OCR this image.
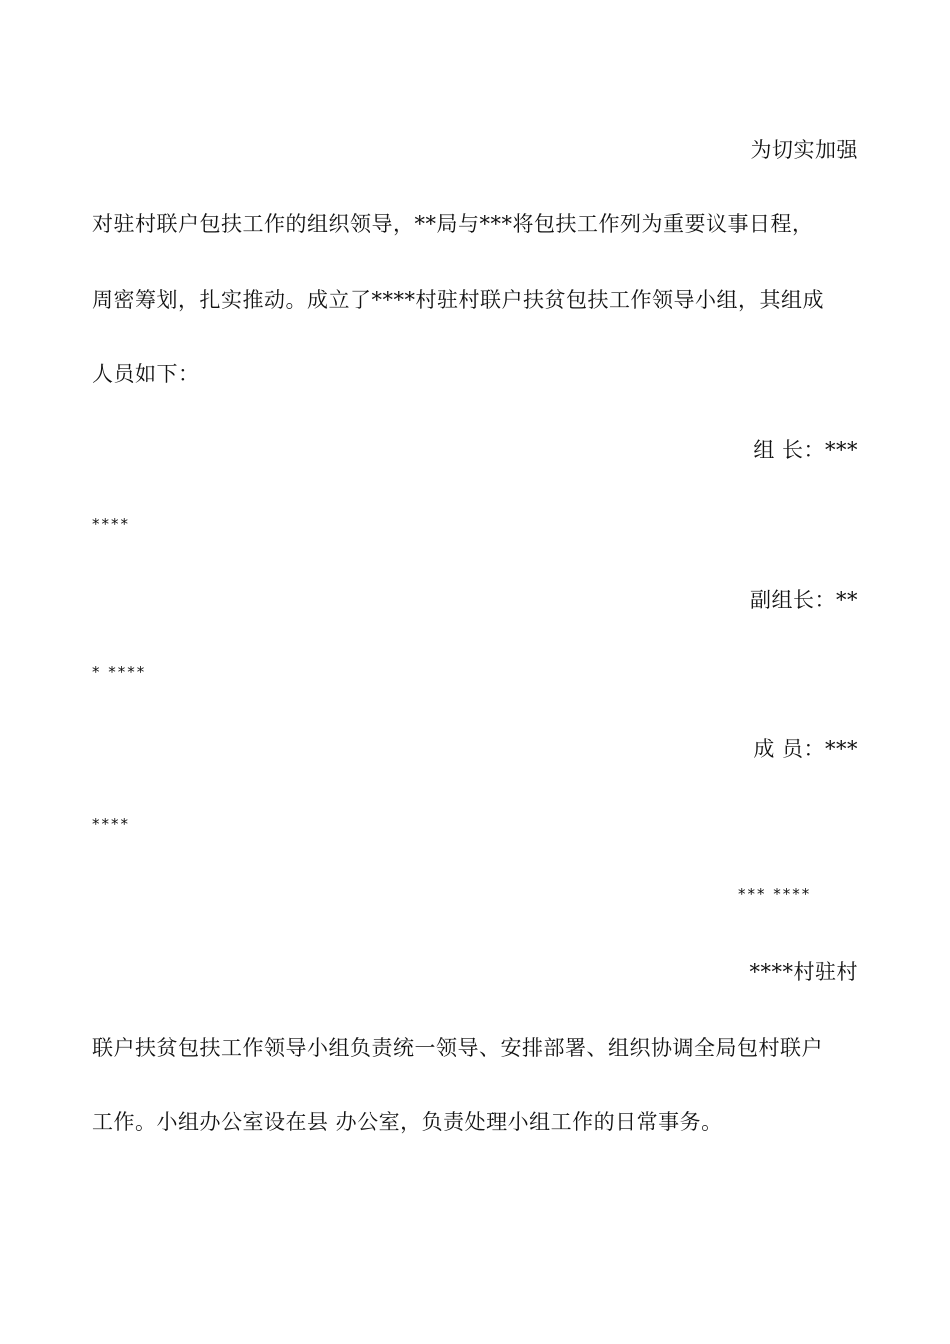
为切实加强
对驻村联户包扶工作的组织领导，**局与***将包扶工作列为重要议事日程，
周密筹划，扎实推动。成立了****村驻村联户扶贫包扶工作领导小组，其组成
人员如下：
组 长：***
****
副组长：**
* ****
成 员：***
****
*** ****
****村驻村
联户扶贫包扶工作领导小组负责统一领导、安排部署、组织协调全局包村联户
工作。小组办公室设在县 办公室，负责处理小组工作的日常事务。
